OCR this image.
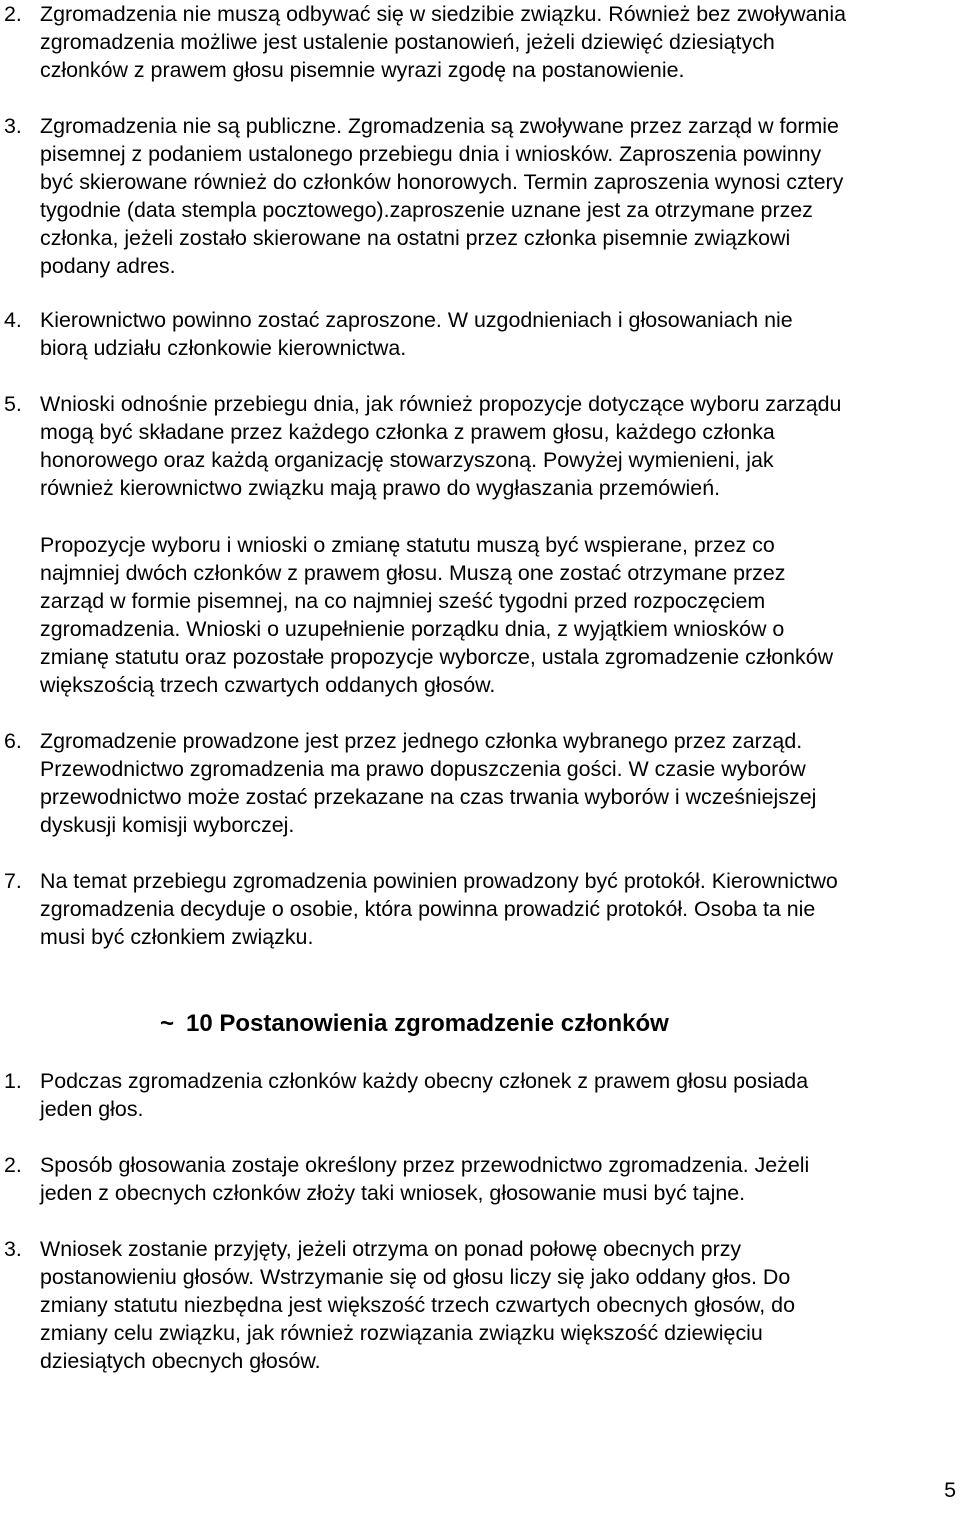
2. Zgromadzenia nie muszą odbywać się w siedzibie związku. Również bez zwoływania
zgromadzenia możliwe jest ustalenie postanowień, jeżeli dziewięć dziesiątych
członków z prawem głosu pisemnie wyrazi zgodę na postanowienie.
3. Zgromadzenia nie są publiczne. Zgromadzenia są zwoływane przez zarząd w formie
pisemnej z podaniem ustalonego przebiegu dnia i wniosków. Zaproszenia powinny
być skierowane również do członków honorowych. Termin zaproszenia wynosi cztery
tygodnie (data stempla pocztowego).zaproszenie uznane jest za otrzymane przez
członka, jeżeli zostało skierowane na ostatni przez członka pisemnie związkowi
podany adres.
4. Kierownictwo powinno zostać zaproszone. W uzgodnieniach i głosowaniach nie
biorą udziału członkowie kierownictwa.
5. Wnioski odnośnie przebiegu dnia, jak również propozycje dotyczące wyboru zarządu
mogą być składane przez każdego członka z prawem głosu, każdego członka
honorowego oraz każdą organizację stowarzyszoną. Powyżej wymienieni, jak
również kierownictwo związku mają prawo do wygłaszania przemówień.
Propozycje wyboru i wnioski o zmianę statutu muszą być wspierane, przez co
najmniej dwóch członków z prawem głosu. Muszą one zostać otrzymane przez
zarząd w formie pisemnej, na co najmniej sześć tygodni przed rozpoczęciem
zgromadzenia. Wnioski o uzupełnienie porządku dnia, z wyjątkiem wniosków o
zmianę statutu oraz pozostałe propozycje wyborcze, ustala zgromadzenie członków
większością trzech czwartych oddanych głosów.
6. Zgromadzenie prowadzone jest przez jednego członka wybranego przez zarząd.
Przewodnictwo zgromadzenia ma prawo dopuszczenia gości. W czasie wyborów
przewodnictwo może zostać przekazane na czas trwania wyborów i wcześniejszej
dyskusji komisji wyborczej.
7. Na temat przebiegu zgromadzenia powinien prowadzony być protokół. Kierownictwo
zgromadzenia decyduje o osobie, która powinna prowadzić protokół. Osoba ta nie
musi być członkiem związku.
~ 10 Postanowienia zgromadzenie członków
1. Podczas zgromadzenia członków każdy obecny członek z prawem głosu posiada
jeden głos.
2. Sposób głosowania zostaje określony przez przewodnictwo zgromadzenia. Jeżeli
jeden z obecnych członków złoży taki wniosek, głosowanie musi być tajne.
3. Wniosek zostanie przyjęty, jeżeli otrzyma on ponad połowę obecnych przy
postanowieniu głosów. Wstrzymanie się od głosu liczy się jako oddany głos. Do
zmiany statutu niezbędna jest większość trzech czwartych obecnych głosów, do
zmiany celu związku, jak również rozwiązania związku większość dziewięciu
dziesiątych obecnych głosów.
5
